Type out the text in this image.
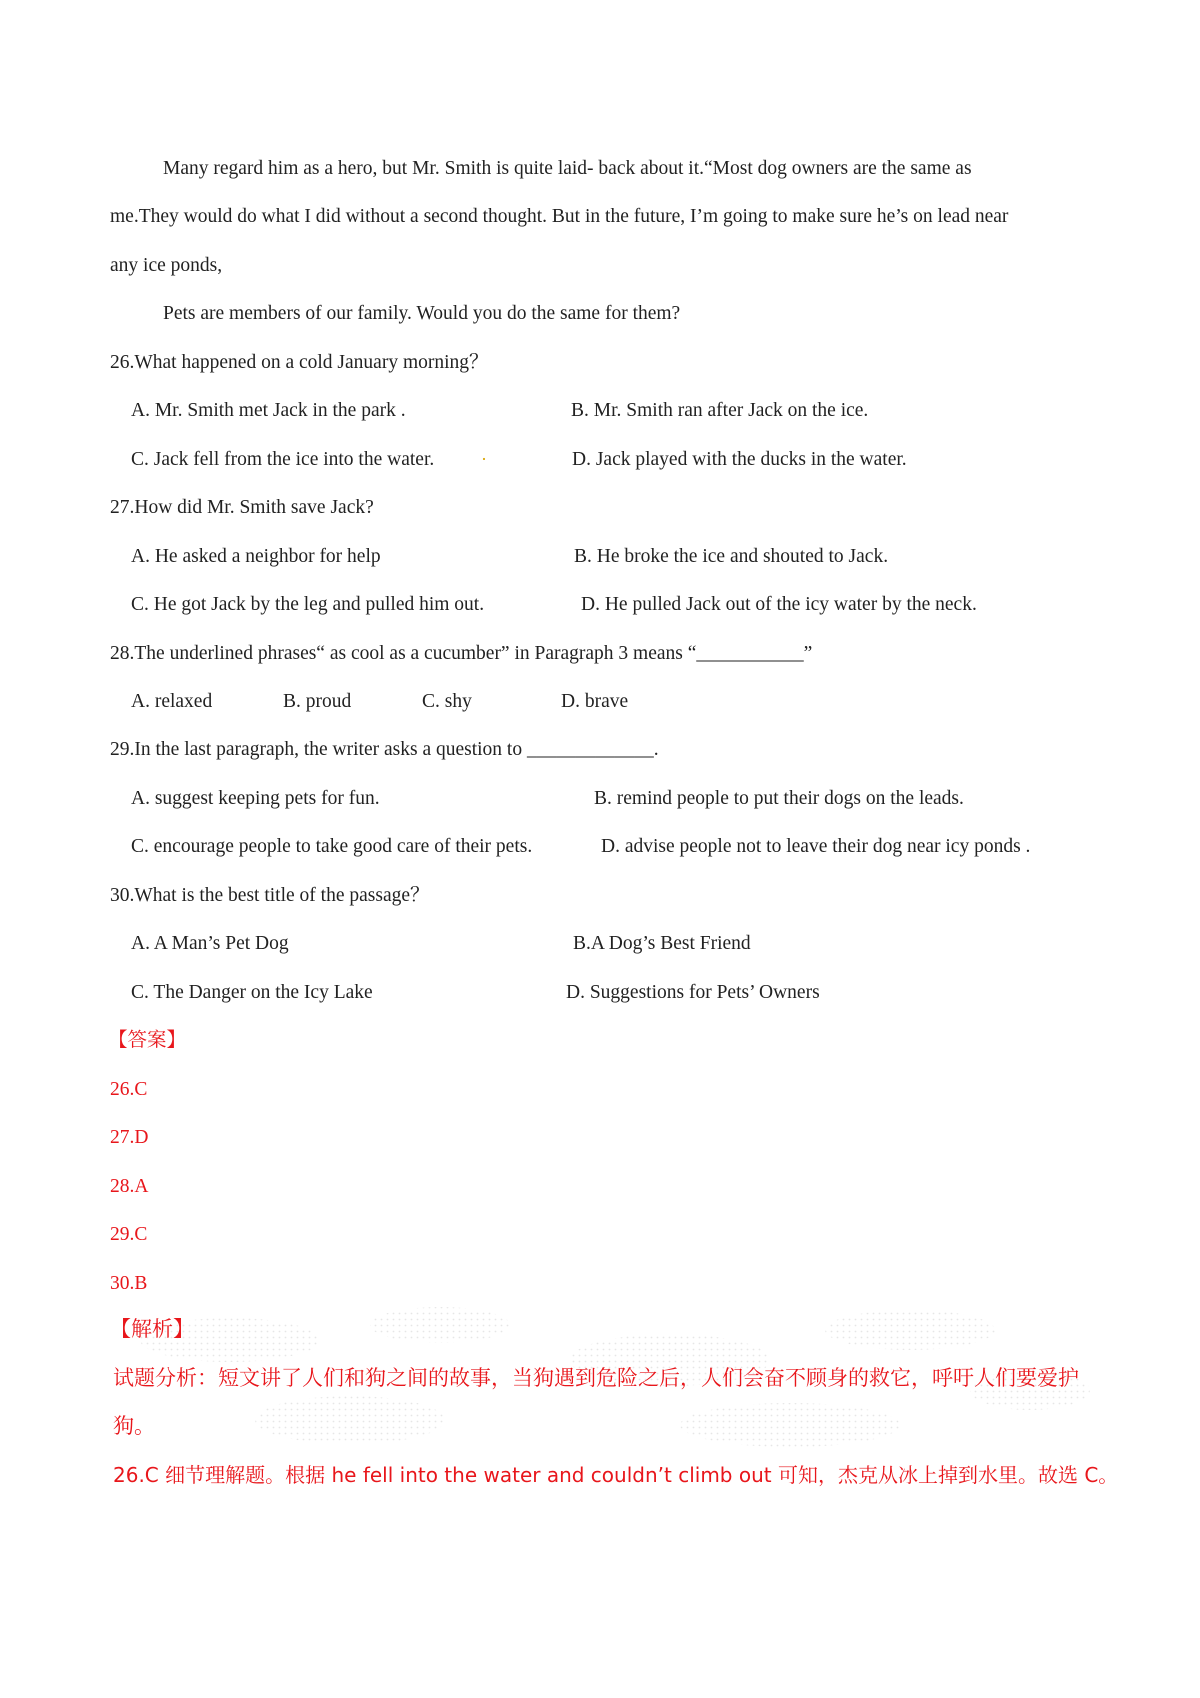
Many regard him as a hero, but Mr. Smith is quite laid- back about it.“Most dog owners are the same as
me.They would do what I did without a second thought. But in the future, I’m going to make sure he’s on lead near
any ice ponds,
Pets are members of our family. Would you do the same for them?
26.What happened on a cold January morning？
A. Mr. Smith met Jack in the park .	B. Mr. Smith ran after Jack on the ice.
C. Jack fell from the ice into the water.	·	D. Jack played with the ducks in the water.
27.How did Mr. Smith save Jack?
A. He asked a neighbor for help	B. He broke the ice and shouted to Jack.
C. He got Jack by the leg and pulled him out.	D. He pulled Jack out of the icy water by the neck.
28.The underlined phrases“ as cool as a cucumber” in Paragraph 3 means “___________”
A. relaxed	B. proud	C. shy	D. brave
29.In the last paragraph, the writer asks a question to _____________.
A. suggest keeping pets for fun.	B. remind people to put their dogs on the leads.
C. encourage people to take good care of their pets.	D. advise people not to leave their dog near icy ponds .
30.What is the best title of the passage？
A. A Man’s Pet Dog	B.A Dog’s Best Friend
C. The Danger on the Icy Lake	D. Suggestions for Pets’ Owners
【答案】
26.C
27.D
28.A
29.C
30.B
【解析】
试题分析：短文讲了人们和狗之间的故事，当狗遇到危险之后，人们会奋不顾身的救它，呼吁人们要爱护
狗。
26.C 细节理解题。根据 he fell into the water and couldn’t climb out 可知，杰克从冰上掉到水里。故选 C。
